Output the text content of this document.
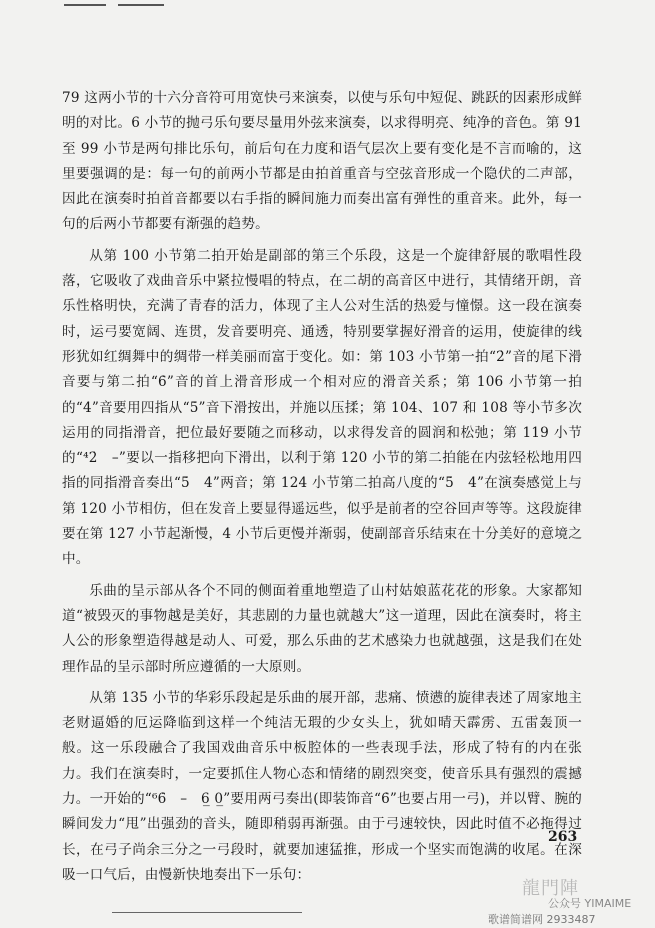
79 这两小节的十六分音符可用宽快弓来演奏，以使与乐句中短促、跳跃的因素形成鲜明的对比。6 小节的抛弓乐句要尽量用外弦来演奏，以求得明亮、纯净的音色。第 91 至 99 小节是两句排比乐句，前后句在力度和语气层次上要有变化是不言而喻的，这里要强调的是：每一句的前两小节都是由拍首重音与空弦音形成一个隐伏的二声部，因此在演奏时拍首音都要以右手指的瞬间施力而奏出富有弹性的重音来。此外，每一句的后两小节都要有渐强的趋势。

从第 100 小节第二拍开始是副部的第三个乐段，这是一个旋律舒展的歌唱性段落，它吸收了戏曲音乐中紧拉慢唱的特点，在二胡的高音区中进行，其情绪开朗，音乐性格明快，充满了青春的活力，体现了主人公对生活的热爱与憧憬。这一段在演奏时，运弓要宽阔、连贯，发音要明亮、通透，特别要掌握好滑音的运用，使旋律的线形犹如红绸舞中的绸带一样美丽而富于变化。如：第 103 小节第一拍“2̇”音的尾下滑音要与第二拍“6̇”音的首上滑音形成一个相对应的滑音关系；第 106 小节第一拍的“4̇”音要用四指从“5̇”音下滑按出，并施以压揉；第 104、107 和 108 等小节多次运用的同指滑音，把位最好要随之而移动，以求得发音的圆润和松弛；第 119 小节的“⁴2̇　–”要以一指移把向下滑出，以利于第 120 小节的第二拍能在内弦轻松地用四指的同指滑音奏出“5̇　4̇”两音；第 124 小节第二拍高八度的“5̇　4̇”在演奏感觉上与第 120 小节相仿，但在发音上要显得遥远些，似乎是前者的空谷回声等等。这段旋律要在第 127 小节起渐慢，4 小节后更慢并渐弱，使副部音乐结束在十分美好的意境之中。

乐曲的呈示部从各个不同的侧面着重地塑造了山村姑娘蓝花花的形象。大家都知道“被毁灭的事物越是美好，其悲剧的力量也就越大”这一道理，因此在演奏时，将主人公的形象塑造得越是动人、可爱，那么乐曲的艺术感染力也就越强，这是我们在处理作品的呈示部时所应遵循的一大原则。

从第 135 小节的华彩乐段起是乐曲的展开部，悲痛、愤懑的旋律表述了周家地主老财逼婚的厄运降临到这样一个纯洁无瑕的少女头上，犹如晴天霹雳、五雷轰顶一般。这一乐段融合了我国戏曲音乐中板腔体的一些表现手法，形成了特有的内在张力。我们在演奏时，一定要抓住人物心态和情绪的剧烈突变，使音乐具有强烈的震撼力。一开始的“⁶6̇　–　6̲ 0̲”要用两弓奏出(即装饰音“6̇”也要占用一弓)，并以臂、腕的瞬间发力“甩”出强劲的音头，随即稍弱再渐强。由于弓速较快，因此时值不必拖得过长，在弓子尚余三分之一弓段时，就要加速猛推，形成一个坚实而饱满的收尾。在深吸一口气后，由慢新快地奏出下一乐句：

263
龍門陣
公众号 YIMAIME
歌谱简谱网 2933487
